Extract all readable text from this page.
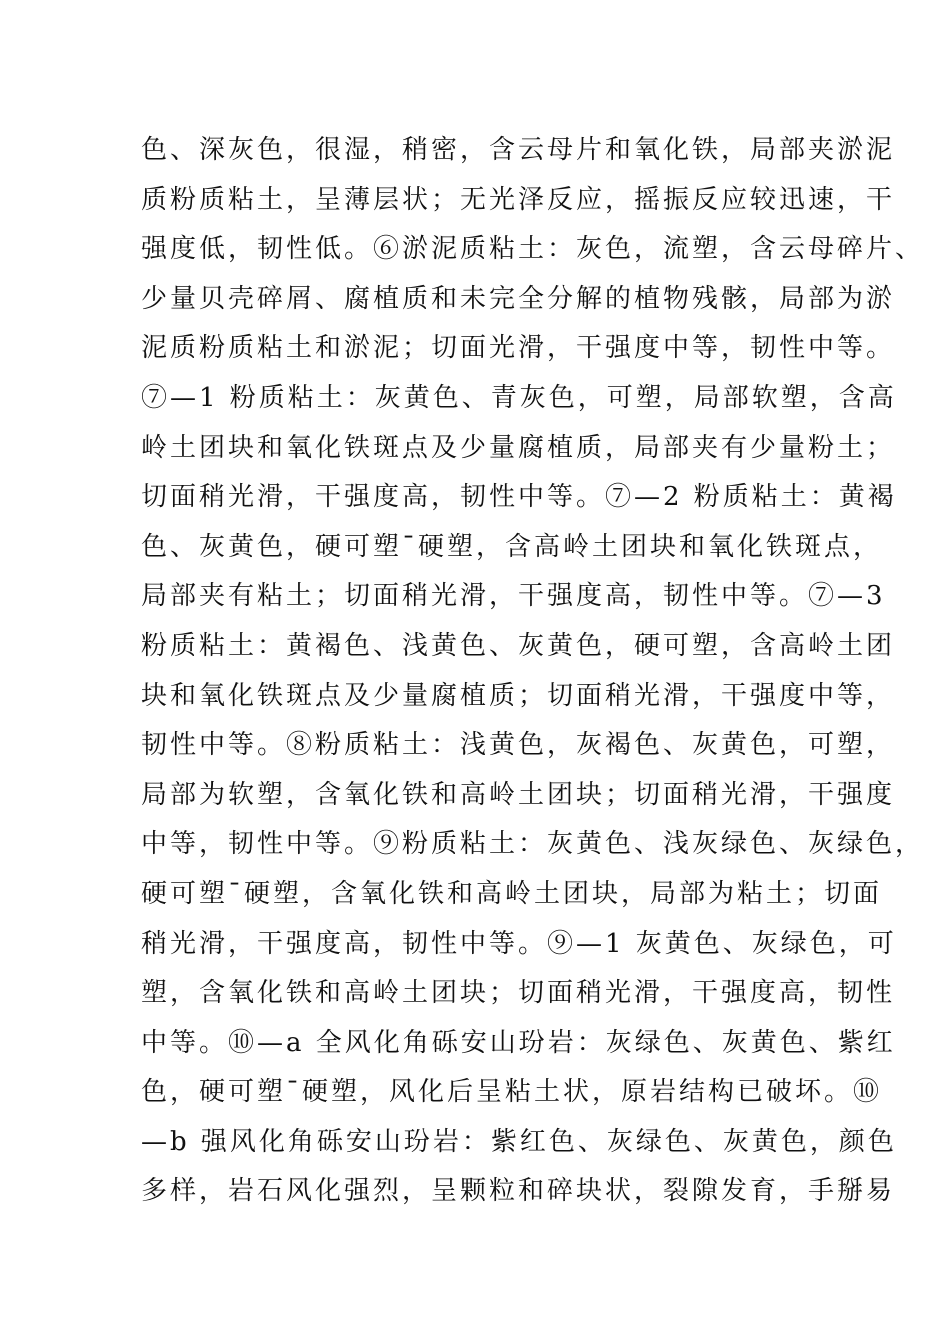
色、深灰色，很湿，稍密，含云母片和氧化铁，局部夹淤泥
质粉质粘土，呈薄层状；无光泽反应，摇振反应较迅速，干
强度低，韧性低。⑥淤泥质粘土：灰色，流塑，含云母碎片、
少量贝壳碎屑、腐植质和未完全分解的植物残骸，局部为淤
泥质粉质粘土和淤泥；切面光滑，干强度中等，韧性中等。
⑦—1 粉质粘土：灰黄色、青灰色，可塑，局部软塑，含高
岭土团块和氧化铁斑点及少量腐植质，局部夹有少量粉土；
切面稍光滑，干强度高，韧性中等。⑦—2 粉质粘土：黄褐
色、灰黄色，硬可塑¯硬塑，含高岭土团块和氧化铁斑点，
局部夹有粘土；切面稍光滑，干强度高，韧性中等。⑦—3
粉质粘土：黄褐色、浅黄色、灰黄色，硬可塑，含高岭土团
块和氧化铁斑点及少量腐植质；切面稍光滑，干强度中等，
韧性中等。⑧粉质粘土：浅黄色，灰褐色、灰黄色，可塑，
局部为软塑，含氧化铁和高岭土团块；切面稍光滑，干强度
中等，韧性中等。⑨粉质粘土：灰黄色、浅灰绿色、灰绿色，
硬可塑¯硬塑，含氧化铁和高岭土团块，局部为粘土；切面
稍光滑，干强度高，韧性中等。⑨—1 灰黄色、灰绿色，可
塑，含氧化铁和高岭土团块；切面稍光滑，干强度高，韧性
中等。⑩—a 全风化角砾安山玢岩：灰绿色、灰黄色、紫红
色，硬可塑¯硬塑，风化后呈粘土状，原岩结构已破坏。⑩
—b 强风化角砾安山玢岩：紫红色、灰绿色、灰黄色，颜色
多样，岩石风化强烈，呈颗粒和碎块状，裂隙发育，手掰易
